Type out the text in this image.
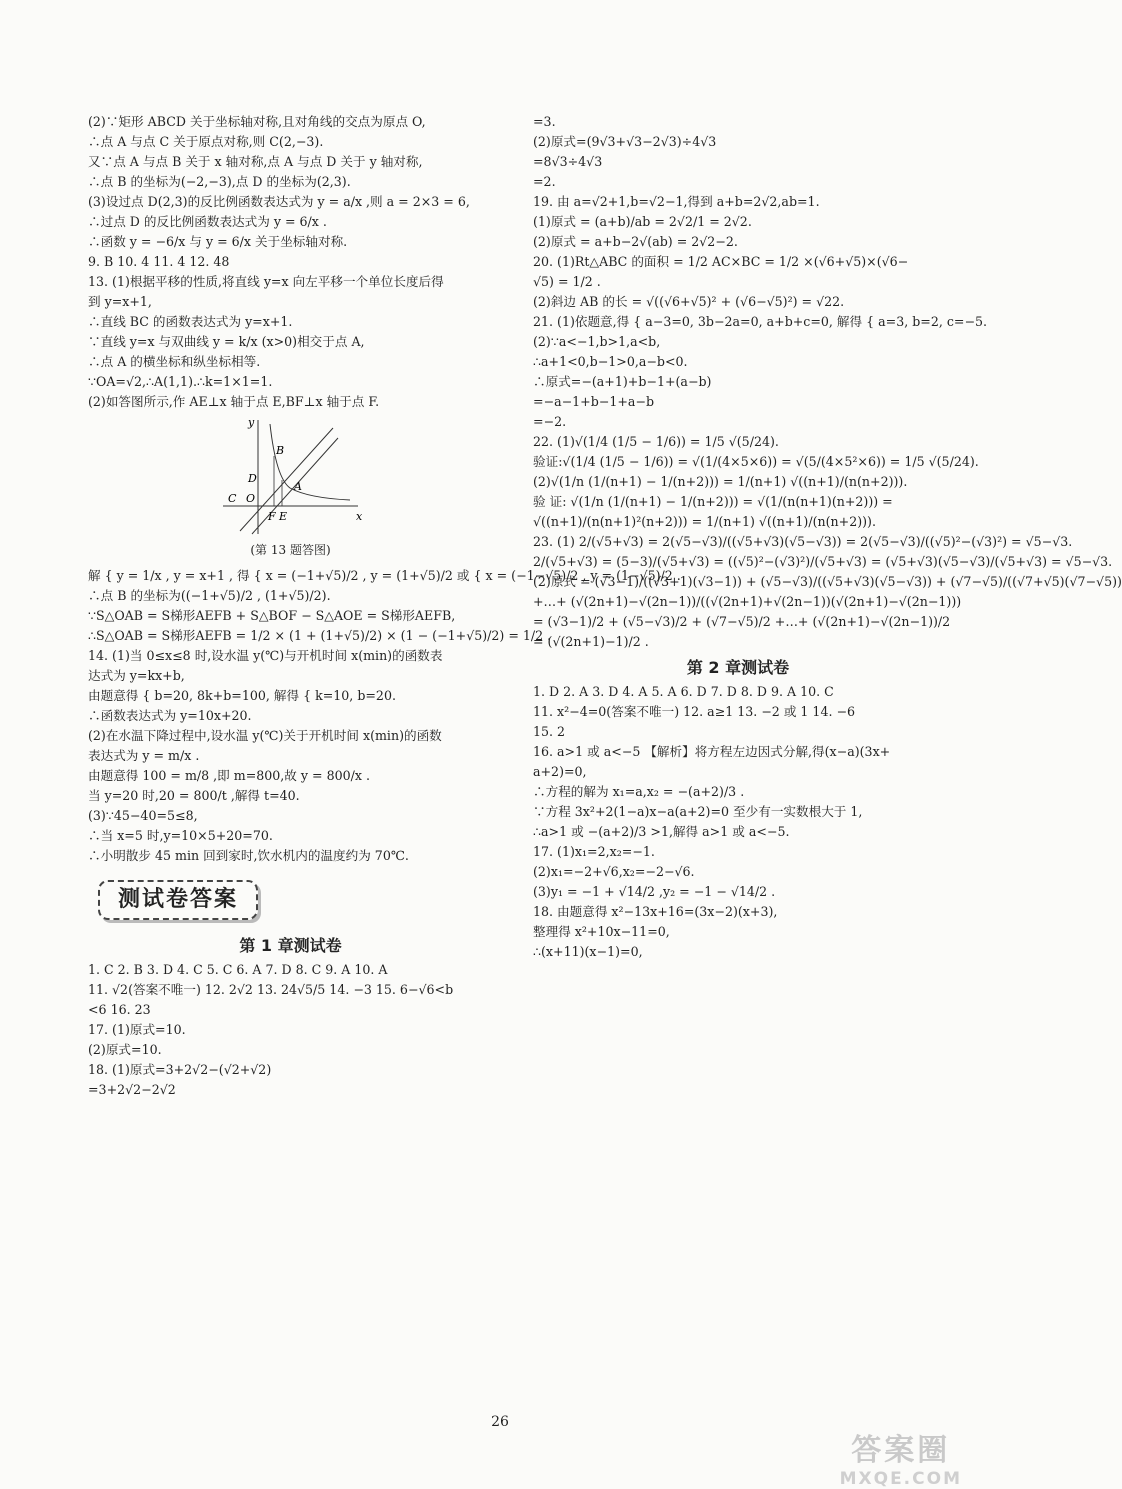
(2)∵矩形 ABCD 关于坐标轴对称,且对角线的交点为原点 O,
∴点 A 与点 C 关于原点对称,则 C(2,−3).
又∵点 A 与点 B 关于 x 轴对称,点 A 与点 D 关于 y 轴对称,
∴点 B 的坐标为(−2,−3),点 D 的坐标为(2,3).
(3)设过点 D(2,3)的反比例函数表达式为 y = a/x ,则 a = 2×3 = 6,
∴过点 D 的反比例函数表达式为 y = 6/x .
∴函数 y = −6/x 与 y = 6/x 关于坐标轴对称.
9. B 10. 4 11. 4 12. 48
13. (1)根据平移的性质,将直线 y=x 向左平移一个单位长度后得
到 y=x+1,
∴直线 BC 的函数表达式为 y=x+1.
∵直线 y=x 与双曲线 y = k/x (x>0)相交于点 A,
∴点 A 的横坐标和纵坐标相等.
∵OA=√2,∴A(1,1).∴k=1×1=1.
(2)如答图所示,作 AE⊥x 轴于点 E,BF⊥x 轴于点 F.
y
x
B
D
A
C O
F E
(第 13 题答图)
解 { y = 1/x , y = x+1 , 得 { x = (−1+√5)/2 , y = (1+√5)/2 或 { x = (−1−√5)/2 , y = (1−√5)/2 .
∴点 B 的坐标为((−1+√5)/2 , (1+√5)/2).
∵S△OAB = S梯形AEFB + S△BOF − S△AOE = S梯形AEFB,
∴S△OAB = S梯形AEFB = 1/2 × (1 + (1+√5)/2) × (1 − (−1+√5)/2) = 1/2 .
14. (1)当 0≤x≤8 时,设水温 y(℃)与开机时间 x(min)的函数表
达式为 y=kx+b,
由题意得 { b=20, 8k+b=100, 解得 { k=10, b=20.
∴函数表达式为 y=10x+20.
(2)在水温下降过程中,设水温 y(℃)关于开机时间 x(min)的函数
表达式为 y = m/x .
由题意得 100 = m/8 ,即 m=800,故 y = 800/x .
当 y=20 时,20 = 800/t ,解得 t=40.
(3)∵45−40=5≤8,
∴当 x=5 时,y=10×5+20=70.
∴小明散步 45 min 回到家时,饮水机内的温度约为 70℃.
测试卷答案
第 1 章测试卷
1. C 2. B 3. D 4. C 5. C 6. A 7. D 8. C 9. A 10. A
11. √2(答案不唯一) 12. 2√2 13. 24√5/5 14. −3 15. 6−√6<b
<6 16. 23
17. (1)原式=10.
(2)原式=10.
18. (1)原式=3+2√2−(√2+√2)
=3+2√2−2√2
=3.
(2)原式=(9√3+√3−2√3)÷4√3
=8√3÷4√3
=2.
19. 由 a=√2+1,b=√2−1,得到 a+b=2√2,ab=1.
(1)原式 = (a+b)/ab = 2√2/1 = 2√2.
(2)原式 = a+b−2√(ab) = 2√2−2.
20. (1)Rt△ABC 的面积 = 1/2 AC×BC = 1/2 ×(√6+√5)×(√6−
√5) = 1/2 .
(2)斜边 AB 的长 = √((√6+√5)² + (√6−√5)²) = √22.
21. (1)依题意,得 { a−3=0, 3b−2a=0, a+b+c=0, 解得 { a=3, b=2, c=−5.
(2)∵a<−1,b>1,a<b,
∴a+1<0,b−1>0,a−b<0.
∴原式=−(a+1)+b−1+(a−b)
=−a−1+b−1+a−b
=−2.
22. (1)√(1/4 (1/5 − 1/6)) = 1/5 √(5/24).
验证:√(1/4 (1/5 − 1/6)) = √(1/(4×5×6)) = √(5/(4×5²×6)) = 1/5 √(5/24).
(2)√(1/n (1/(n+1) − 1/(n+2))) = 1/(n+1) √((n+1)/(n(n+2))).
验 证: √(1/n (1/(n+1) − 1/(n+2))) = √(1/(n(n+1)(n+2))) =
√((n+1)/(n(n+1)²(n+2))) = 1/(n+1) √((n+1)/(n(n+2))).
23. (1) 2/(√5+√3) = 2(√5−√3)/((√5+√3)(√5−√3)) = 2(√5−√3)/((√5)²−(√3)²) = √5−√3.
2/(√5+√3) = (5−3)/(√5+√3) = ((√5)²−(√3)²)/(√5+√3) = (√5+√3)(√5−√3)/(√5+√3) = √5−√3.
(2)原式 = (√3−1)/((√3+1)(√3−1)) + (√5−√3)/((√5+√3)(√5−√3)) + (√7−√5)/((√7+√5)(√7−√5))
+…+ (√(2n+1)−√(2n−1))/((√(2n+1)+√(2n−1))(√(2n+1)−√(2n−1)))
= (√3−1)/2 + (√5−√3)/2 + (√7−√5)/2 +…+ (√(2n+1)−√(2n−1))/2
= (√(2n+1)−1)/2 .
第 2 章测试卷
1. D 2. A 3. D 4. A 5. A 6. D 7. D 8. D 9. A 10. C
11. x²−4=0(答案不唯一) 12. a≥1 13. −2 或 1 14. −6
15. 2
16. a>1 或 a<−5 【解析】将方程左边因式分解,得(x−a)(3x+
a+2)=0,
∴方程的解为 x₁=a,x₂ = −(a+2)/3 .
∵方程 3x²+2(1−a)x−a(a+2)=0 至少有一实数根大于 1,
∴a>1 或 −(a+2)/3 >1,解得 a>1 或 a<−5.
17. (1)x₁=2,x₂=−1.
(2)x₁=−2+√6,x₂=−2−√6.
(3)y₁ = −1 + √14/2 ,y₂ = −1 − √14/2 .
18. 由题意得 x²−13x+16=(3x−2)(x+3),
整理得 x²+10x−11=0,
∴(x+11)(x−1)=0,
26
答案圈
MXQE.COM
